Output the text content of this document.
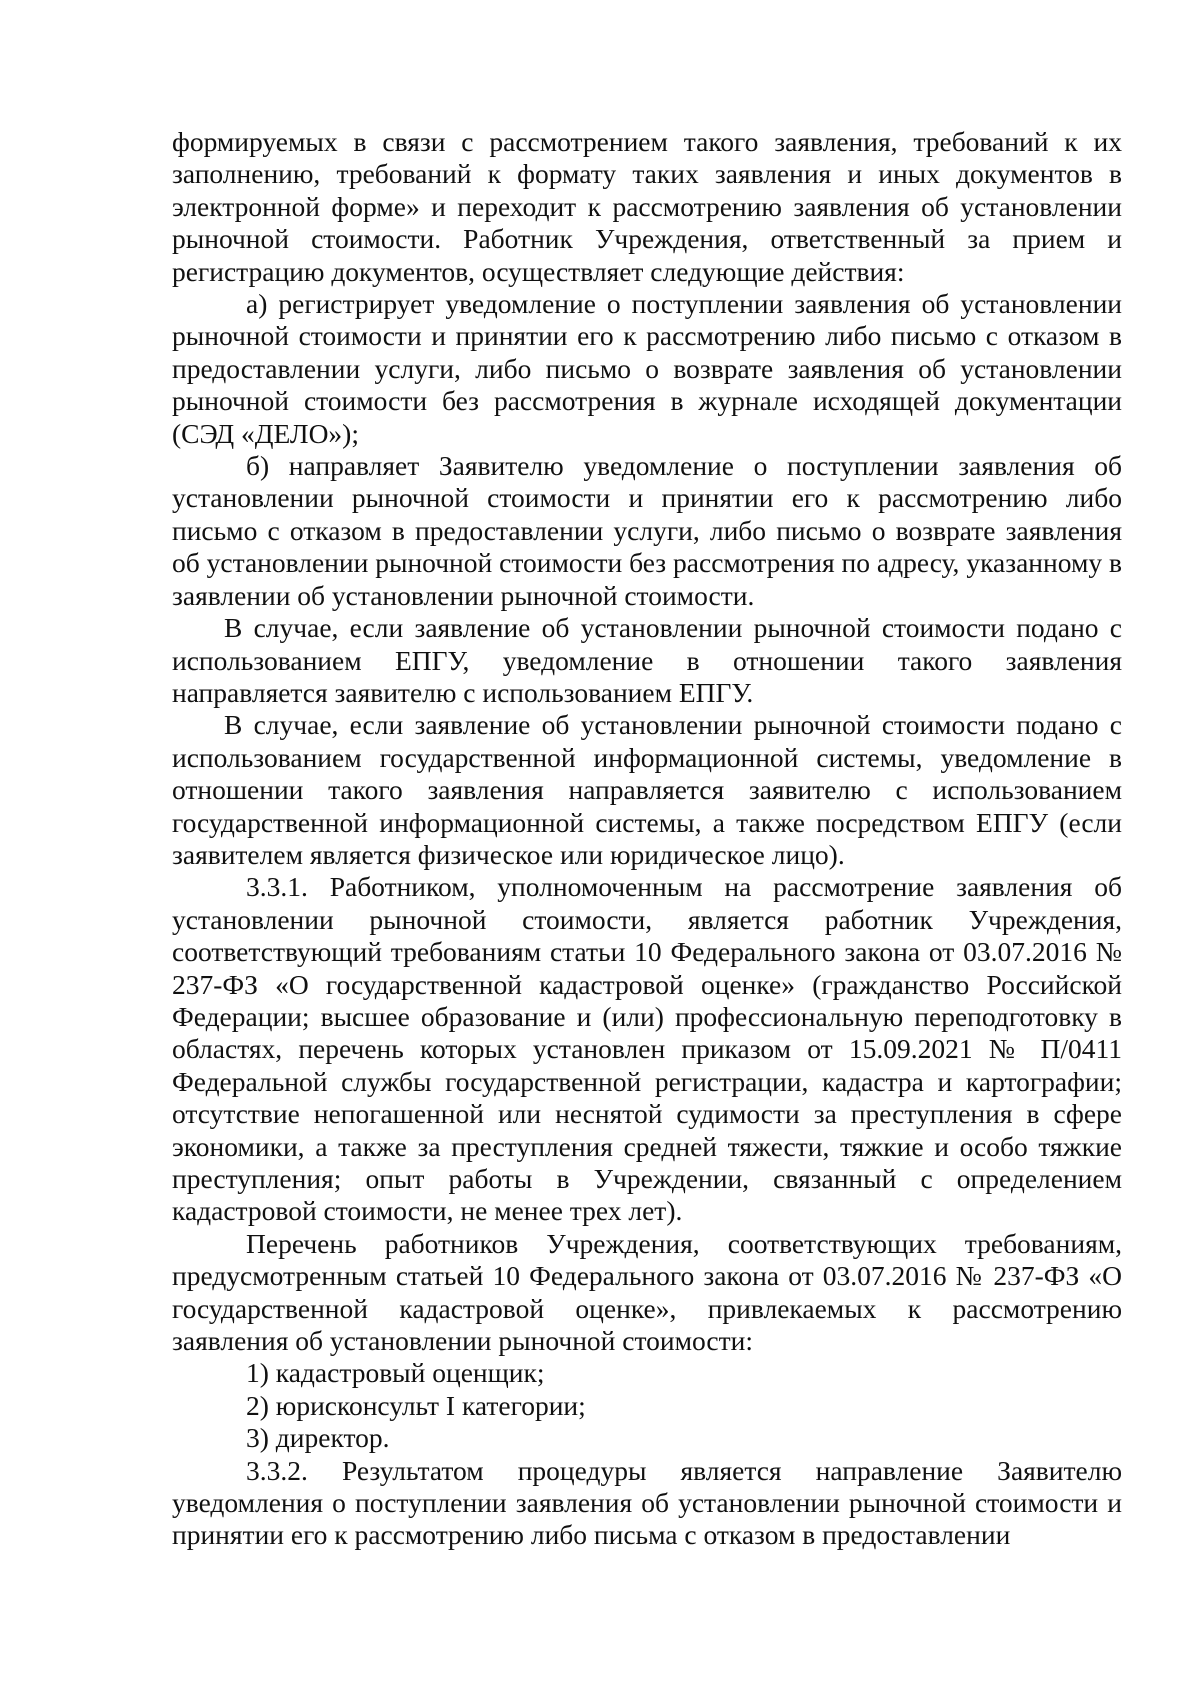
формируемых в связи с рассмотрением такого заявления, требований к их заполнению, требований к формату таких заявления и иных документов в электронной форме» и переходит к рассмотрению заявления об установлении рыночной стоимости. Работник Учреждения, ответственный за прием и регистрацию документов, осуществляет следующие действия:

а) регистрирует уведомление о поступлении заявления об установлении рыночной стоимости и принятии его к рассмотрению либо письмо с отказом в предоставлении услуги, либо письмо о возврате заявления об установлении рыночной стоимости без рассмотрения в журнале исходящей документации (СЭД «ДЕЛО»);

б) направляет Заявителю уведомление о поступлении заявления об установлении рыночной стоимости и принятии его к рассмотрению либо письмо с отказом в предоставлении услуги, либо письмо о возврате заявления об установлении рыночной стоимости без рассмотрения по адресу, указанному в заявлении об установлении рыночной стоимости.

В случае, если заявление об установлении рыночной стоимости подано с использованием ЕПГУ, уведомление в отношении такого заявления направляется заявителю с использованием ЕПГУ.

В случае, если заявление об установлении рыночной стоимости подано с использованием государственной информационной системы, уведомление в отношении такого заявления направляется заявителю с использованием государственной информационной системы, а также посредством ЕПГУ (если заявителем является физическое или юридическое лицо).

3.3.1. Работником, уполномоченным на рассмотрение заявления об установлении рыночной стоимости, является работник Учреждения, соответствующий требованиям статьи 10 Федерального закона от 03.07.2016 № 237-ФЗ «О государственной кадастровой оценке» (гражданство Российской Федерации; высшее образование и (или) профессиональную переподготовку в областях, перечень которых установлен приказом от 15.09.2021 № П/0411 Федеральной службы государственной регистрации, кадастра и картографии; отсутствие непогашенной или неснятой судимости за преступления в сфере экономики, а также за преступления средней тяжести, тяжкие и особо тяжкие преступления; опыт работы в Учреждении, связанный с определением кадастровой стоимости, не менее трех лет).

Перечень работников Учреждения, соответствующих требованиям, предусмотренным статьей 10 Федерального закона от 03.07.2016 № 237-ФЗ «О государственной кадастровой оценке», привлекаемых к рассмотрению заявления об установлении рыночной стоимости:

1) кадастровый оценщик;

2) юрисконсульт I категории;

3) директор.

3.3.2. Результатом процедуры является направление Заявителю уведомления о поступлении заявления об установлении рыночной стоимости и принятии его к рассмотрению либо письма с отказом в предоставлении
